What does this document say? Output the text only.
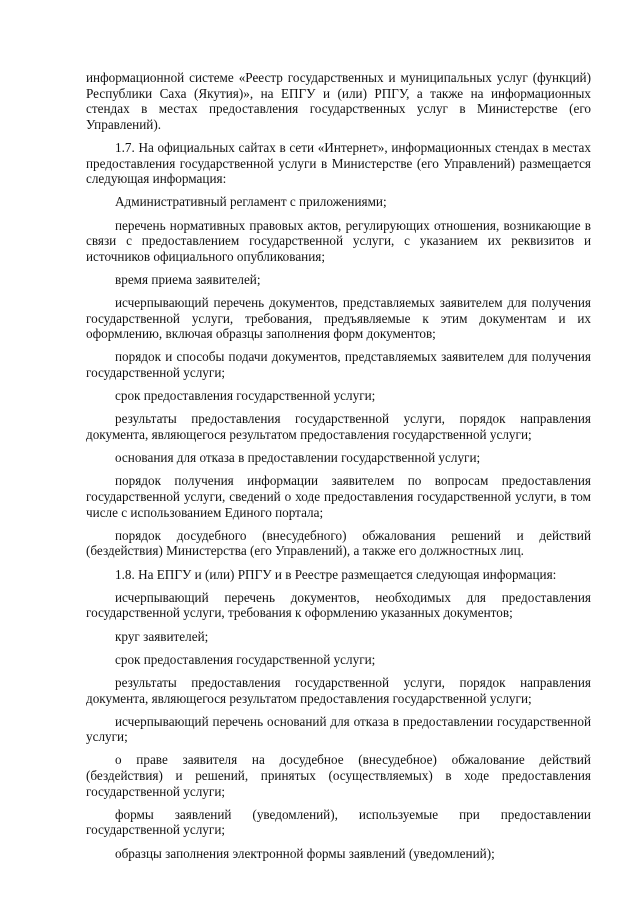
информационной системе «Реестр государственных и муниципальных услуг (функций) Республики Саха (Якутия)», на ЕПГУ и (или) РПГУ, а также на информационных стендах в местах предоставления государственных услуг в Министерстве (его Управлений).

1.7. На официальных сайтах в сети «Интернет», информационных стендах в местах предоставления государственной услуги в Министерстве (его Управлений) размещается следующая информация:

Административный регламент с приложениями;

перечень нормативных правовых актов, регулирующих отношения, возникающие в связи с предоставлением государственной услуги, с указанием их реквизитов и источников официального опубликования;

время приема заявителей;

исчерпывающий перечень документов, представляемых заявителем для получения государственной услуги, требования, предъявляемые к этим документам и их оформлению, включая образцы заполнения форм документов;

порядок и способы подачи документов, представляемых заявителем для получения государственной услуги;

срок предоставления государственной услуги;

результаты предоставления государственной услуги, порядок направления документа, являющегося результатом предоставления государственной услуги;

основания для отказа в предоставлении государственной услуги;

порядок получения информации заявителем по вопросам предоставления государственной услуги, сведений о ходе предоставления государственной услуги, в том числе с использованием Единого портала;

порядок досудебного (внесудебного) обжалования решений и действий (бездействия) Министерства (его Управлений), а также его должностных лиц.

1.8. На ЕПГУ и (или) РПГУ и в Реестре размещается следующая информация:

исчерпывающий перечень документов, необходимых для предоставления государственной услуги, требования к оформлению указанных документов;

круг заявителей;

срок предоставления государственной услуги;

результаты предоставления государственной услуги, порядок направления документа, являющегося результатом предоставления государственной услуги;

исчерпывающий перечень оснований для отказа в предоставлении государственной услуги;

о праве заявителя на досудебное (внесудебное) обжалование действий (бездействия) и решений, принятых (осуществляемых) в ходе предоставления государственной услуги;

формы заявлений (уведомлений), используемые при предоставлении государственной услуги;

образцы заполнения электронной формы заявлений (уведомлений);
